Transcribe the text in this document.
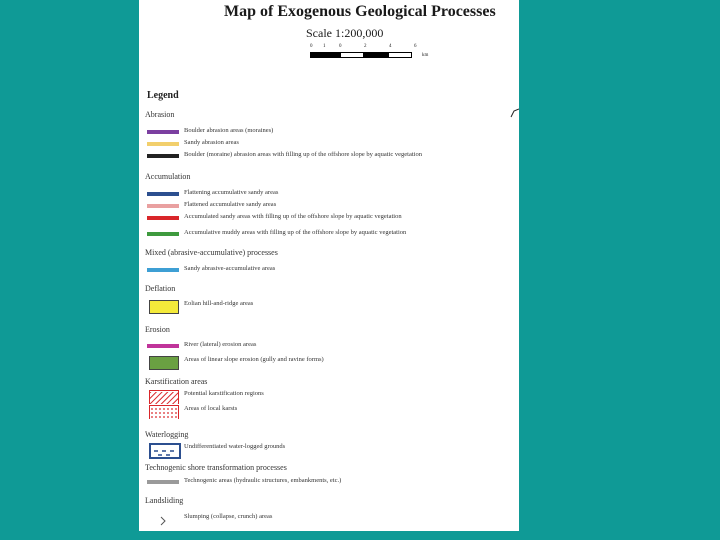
Map of Exogenous Geological Processes
Scale 1:200,000
0 1	0	2	4	6
km
Legend
Abrasion
Boulder abrasion areas (moraines)
Sandy abrasion areas
Boulder (moraine) abrasion areas with filling up of the offshore slope by aquatic vegetation
Accumulation
Flattening accumulative sandy areas
Flattened accumulative sandy areas
Accumulated sandy areas with filling up of the offshore slope by aquatic vegetation
Accumulative muddy areas with filling up of the offshore slope by aquatic vegetation
Mixed (abrasive-accumulative) processes
Sandy abrasive-accumulative areas
Deflation
Eolian hill-and-ridge areas
Erosion
River (lateral) erosion areas
Areas of linear slope erosion (gully and ravine forms)
Karstification areas
Potential karstification regions
Areas of local karsts
Waterlogging
Undifferentiated water-logged grounds
Technogenic shore transformation processes
Technogenic areas (hydraulic structures, embankments, etc.)
Landsliding
Slumping (collapse, crunch) areas
